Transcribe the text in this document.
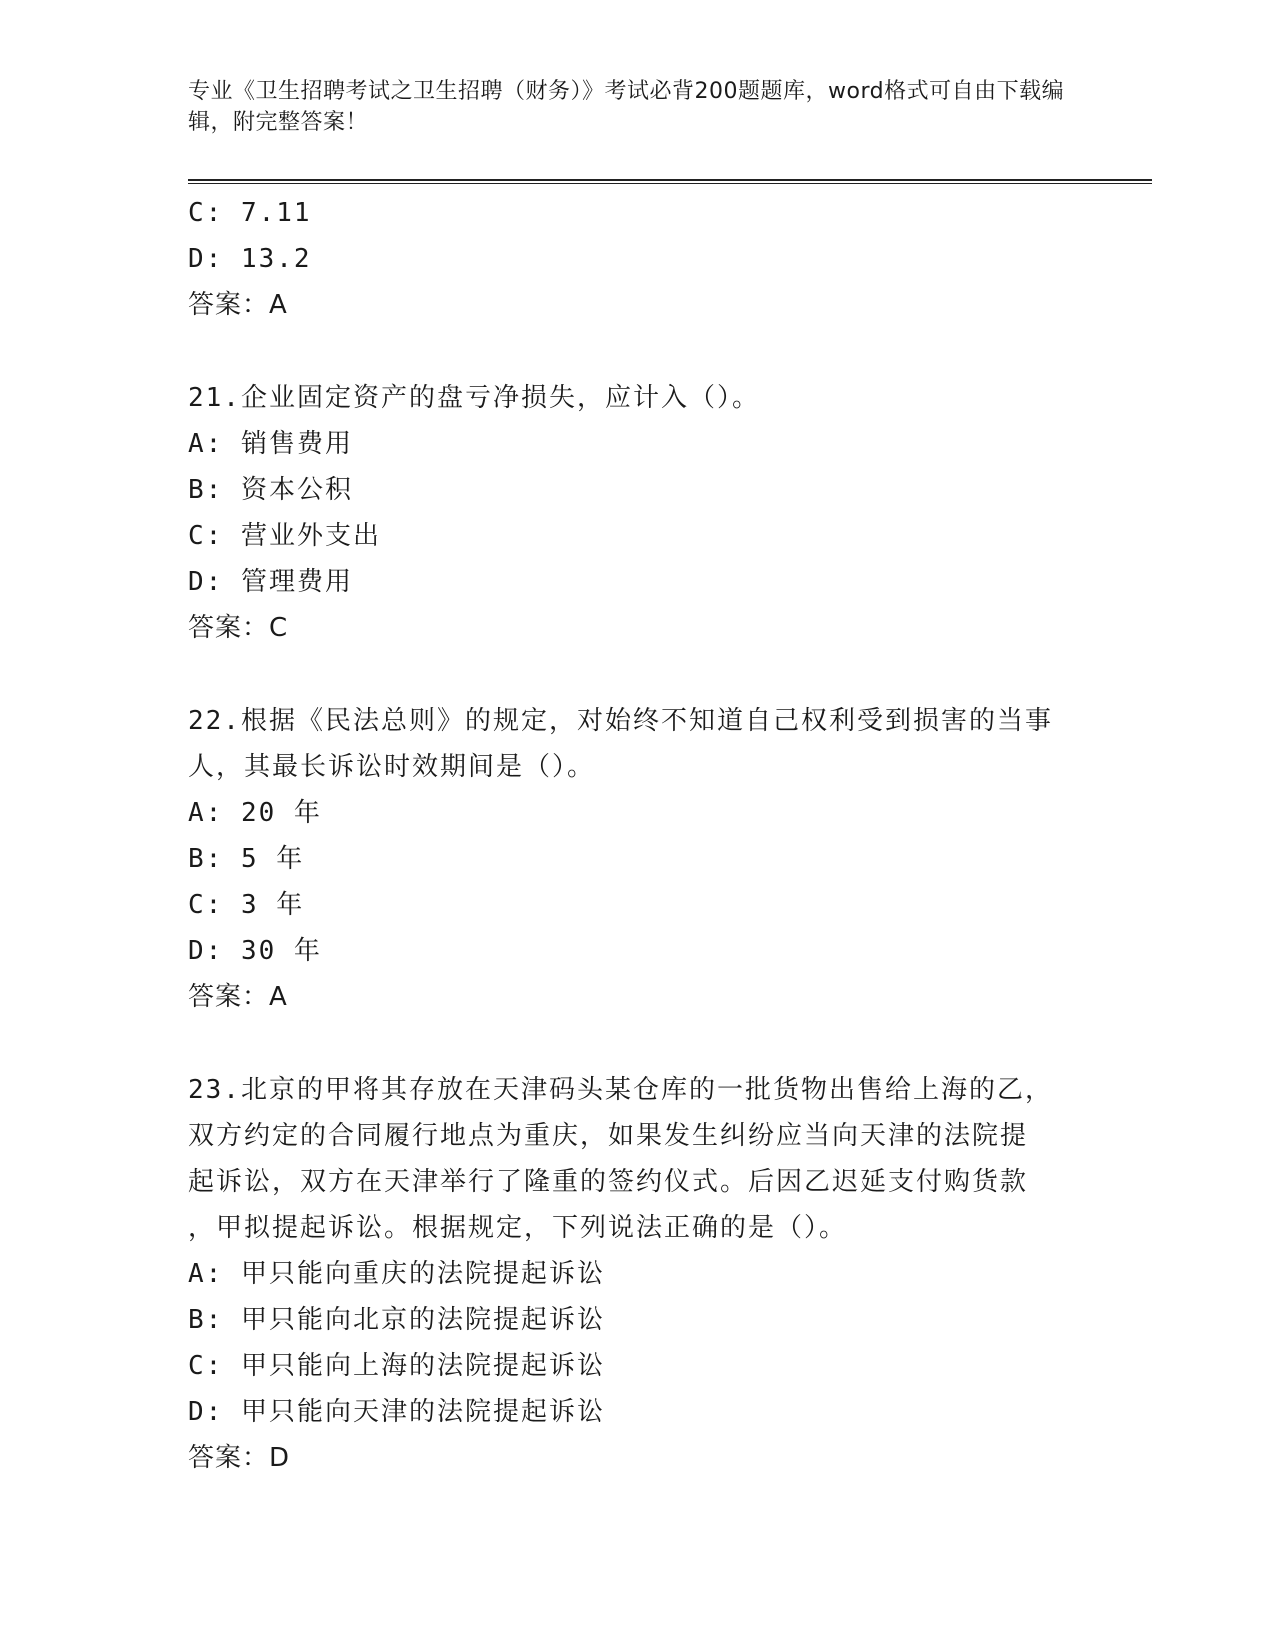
专业《卫生招聘考试之卫生招聘（财务）》考试必背200题题库，word格式可自由下载编辑，附完整答案！
C: 7.11
D: 13.2
答案：A
21.企业固定资产的盘亏净损失，应计入（）。
A: 销售费用
B: 资本公积
C: 营业外支出
D: 管理费用
答案：C
22.根据《民法总则》的规定，对始终不知道自己权利受到损害的当事
人，其最长诉讼时效期间是（）。
A: 20 年
B: 5 年
C: 3 年
D: 30 年
答案：A
23.北京的甲将其存放在天津码头某仓库的一批货物出售给上海的乙，
双方约定的合同履行地点为重庆，如果发生纠纷应当向天津的法院提
起诉讼，双方在天津举行了隆重的签约仪式。后因乙迟延支付购货款
，甲拟提起诉讼。根据规定，下列说法正确的是（）。
A: 甲只能向重庆的法院提起诉讼
B: 甲只能向北京的法院提起诉讼
C: 甲只能向上海的法院提起诉讼
D: 甲只能向天津的法院提起诉讼
答案：D
